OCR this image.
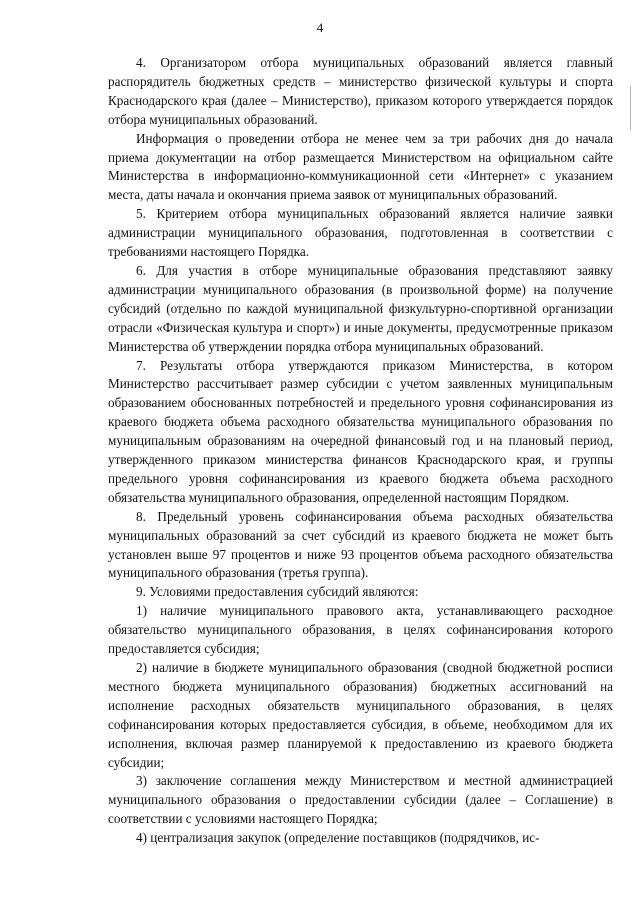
4

4. Организатором отбора муниципальных образований является главный распорядитель бюджетных средств – министерство физической культуры и спорта Краснодарского края (далее – Министерство), приказом которого утверждается порядок отбора муниципальных образований.

Информация о проведении отбора не менее чем за три рабочих дня до начала приема документации на отбор размещается Министерством на официальном сайте Министерства в информационно-коммуникационной сети «Интернет» с указанием места, даты начала и окончания приема заявок от муниципальных образований.

5. Критерием отбора муниципальных образований является наличие заявки администрации муниципального образования, подготовленная в соответствии с требованиями настоящего Порядка.

6. Для участия в отборе муниципальные образования представляют заявку администрации муниципального образования (в произвольной форме) на получение субсидий (отдельно по каждой муниципальной физкультурно-спортивной организации отрасли «Физическая культура и спорт») и иные документы, предусмотренные приказом Министерства об утверждении порядка отбора муниципальных образований.

7. Результаты отбора утверждаются приказом Министерства, в котором Министерство рассчитывает размер субсидии с учетом заявленных муниципальным образованием обоснованных потребностей и предельного уровня софинансирования из краевого бюджета объема расходного обязательства муниципального образования по муниципальным образованиям на очередной финансовый год и на плановый период, утвержденного приказом министерства финансов Краснодарского края, и группы предельного уровня софинансирования из краевого бюджета объема расходного обязательства муниципального образования, определенной настоящим Порядком.

8. Предельный уровень софинансирования объема расходных обязательства муниципальных образований за счет субсидий из краевого бюджета не может быть установлен выше 97 процентов и ниже 93 процентов объема расходного обязательства муниципального образования (третья группа).

9. Условиями предоставления субсидий являются:

1) наличие муниципального правового акта, устанавливающего расходное обязательство муниципального образования, в целях софинансирования которого предоставляется субсидия;

2) наличие в бюджете муниципального образования (сводной бюджетной росписи местного бюджета муниципального образования) бюджетных ассигнований на исполнение расходных обязательств муниципального образования, в целях софинансирования которых предоставляется субсидия, в объеме, необходимом для их исполнения, включая размер планируемой к предоставлению из краевого бюджета субсидии;

3) заключение соглашения между Министерством и местной администрацией муниципального образования о предоставлении субсидии (далее – Соглашение) в соответствии с условиями настоящего Порядка;

4) централизация закупок (определение поставщиков (подрядчиков, ис-
